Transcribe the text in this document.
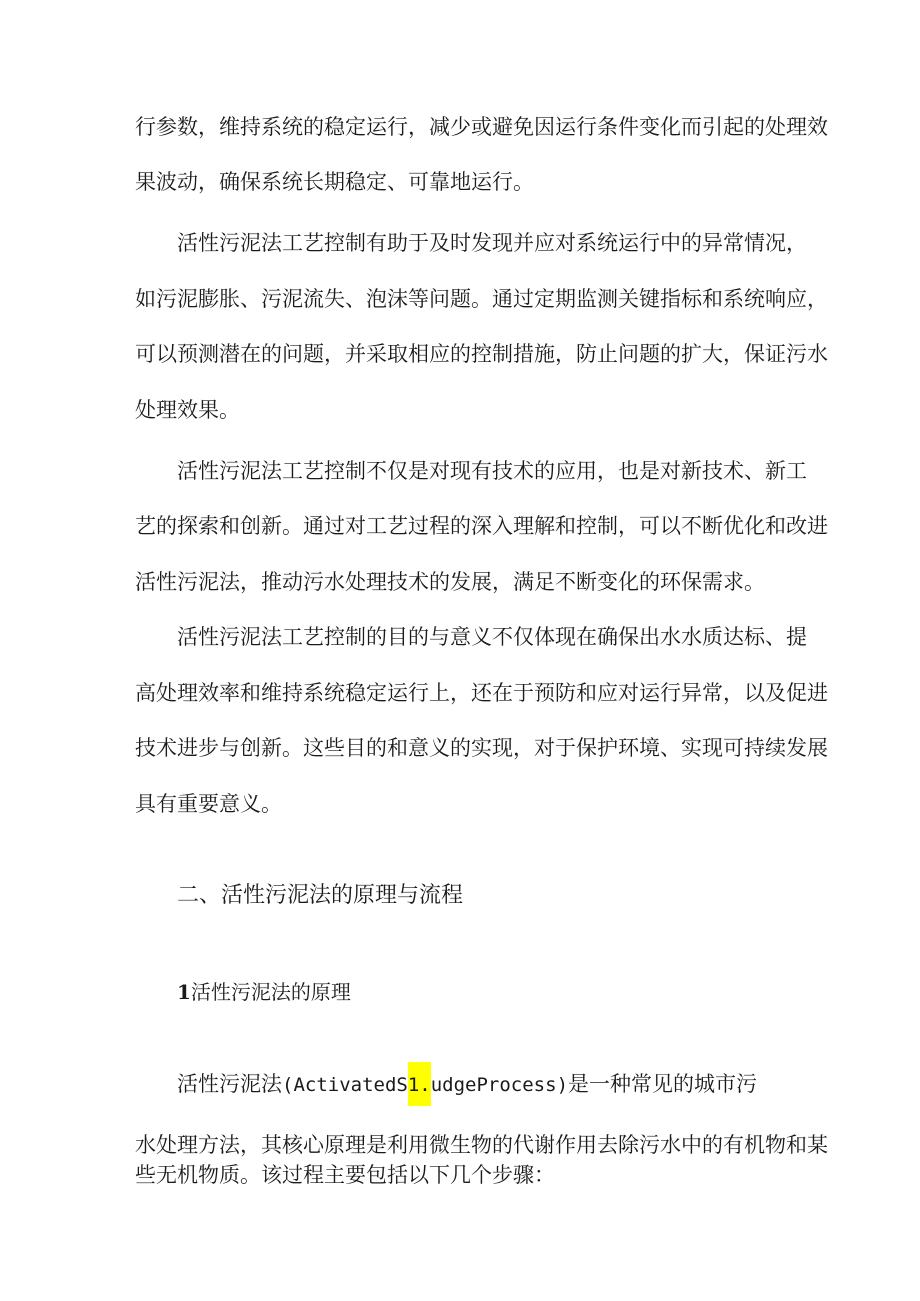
行参数，维持系统的稳定运行，减少或避免因运行条件变化而引起的处理效

果波动，确保系统长期稳定、可靠地运行。

活性污泥法工艺控制有助于及时发现并应对系统运行中的异常情况，

如污泥膨胀、污泥流失、泡沫等问题。通过定期监测关键指标和系统响应，

可以预测潜在的问题，并采取相应的控制措施，防止问题的扩大，保证污水

处理效果。

活性污泥法工艺控制不仅是对现有技术的应用，也是对新技术、新工

艺的探索和创新。通过对工艺过程的深入理解和控制，可以不断优化和改进

活性污泥法，推动污水处理技术的发展，满足不断变化的环保需求。

活性污泥法工艺控制的目的与意义不仅体现在确保出水水质达标、提

高处理效率和维持系统稳定运行上，还在于预防和应对运行异常，以及促进

技术进步与创新。这些目的和意义的实现，对于保护环境、实现可持续发展

具有重要意义。

二、活性污泥法的原理与流程
1活性污泥法的原理

活性污泥法(ActivatedS1.udgeProcess)是一种常见的城市污

水处理方法，其核心原理是利用微生物的代谢作用去除污水中的有机物和某

些无机物质。该过程主要包括以下几个步骤：
